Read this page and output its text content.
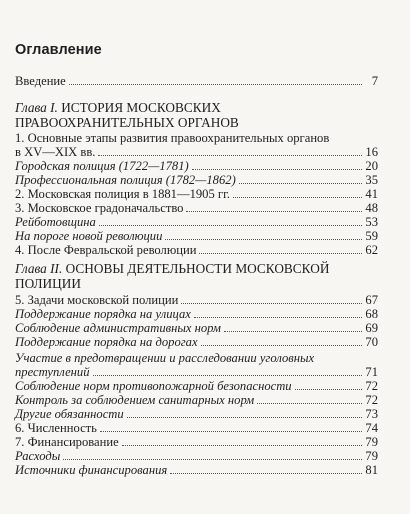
Оглавление
Введение	7
Глава I. ИСТОРИЯ МОСКОВСКИХ
ПРАВООХРАНИТЕЛЬНЫХ ОРГАНОВ
1. Основные этапы развития правоохранительных органов
в XV—XIX вв.	16
Городская полиция (1722—1781)	20
Профессиональная полиция (1782—1862)	35
2. Московская полиция в 1881—1905 гг.	41
3. Московское градоначальство	48
Рейботовщина	53
На пороге новой революции	59
4. После Февральской революции	62
Глава II. ОСНОВЫ ДЕЯТЕЛЬНОСТИ МОСКОВСКОЙ
ПОЛИЦИИ
5. Задачи московской полиции	67
Поддержание порядка на улицах	68
Соблюдение административных норм	69
Поддержание порядка на дорогах	70
Участие в предотвращении и расследовании уголовных
преступлений	71
Соблюдение норм противопожарной безопасности	72
Контроль за соблюдением санитарных норм	72
Другие обязанности	73
6. Численность	74
7. Финансирование	79
Расходы	79
Источники финансирования	81
